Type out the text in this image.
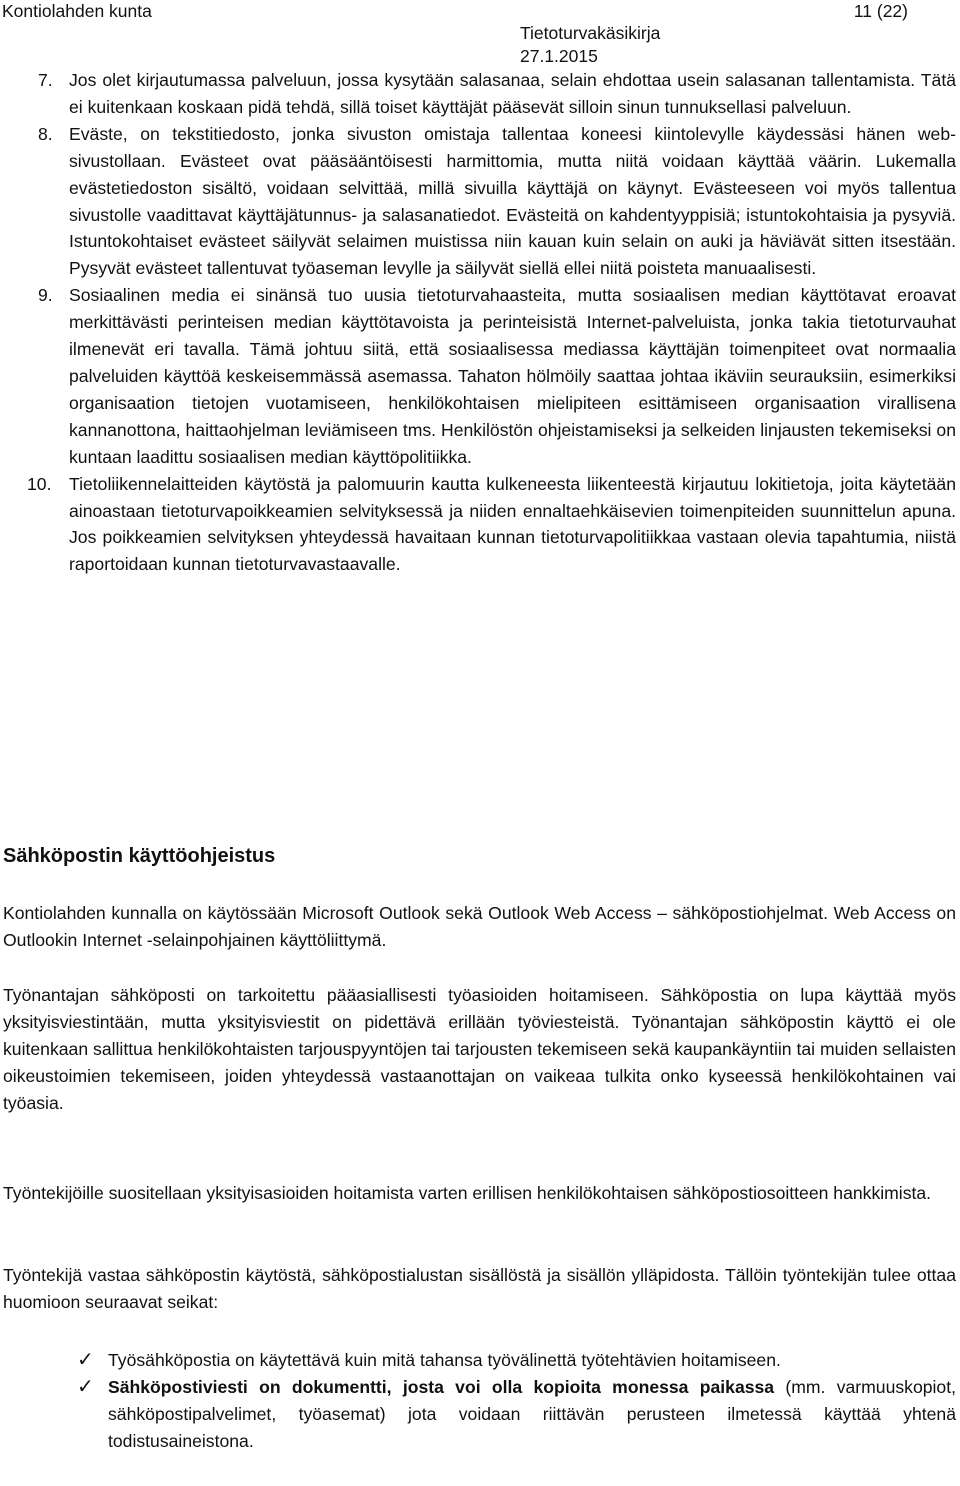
Kontiolahden kunta	11 (22)
Tietoturvakäsikirja
27.1.2015
7. Jos olet kirjautumassa palveluun, jossa kysytään salasanaa, selain ehdottaa usein salasanan tallentamista. Tätä ei kuitenkaan koskaan pidä tehdä, sillä toiset käyttäjät pääsevät silloin sinun tunnuksellasi palveluun.
8. Eväste, on tekstitiedosto, jonka sivuston omistaja tallentaa koneesi kiintolevylle käydessäsi hänen web-sivustollaan. Evästeet ovat pääsääntöisesti harmittomia, mutta niitä voidaan käyttää väärin. Lukemalla evästetiedoston sisältö, voidaan selvittää, millä sivuilla käyttäjä on käynyt. Evästeeseen voi myös tallentua sivustolle vaadittavat käyttäjätunnus- ja salasanatiedot. Evästeitä on kahdentyyppisiä; istuntokohtaisia ja pysyviä. Istuntokohtaiset evästeet säilyvät selaimen muistissa niin kauan kuin selain on auki ja häviävät sitten itsestään. Pysyvät evästeet tallentuvat työaseman levylle ja säilyvät siellä ellei niitä poisteta manuaalisesti.
9. Sosiaalinen media ei sinänsä tuo uusia tietoturvahaasteita, mutta sosiaalisen median käyttötavat eroavat merkittävästi perinteisen median käyttötavoista ja perinteisistä Internet-palveluista, jonka takia tietoturvauhat ilmenevät eri tavalla. Tämä johtuu siitä, että sosiaalisessa mediassa käyttäjän toimenpiteet ovat normaalia palveluiden käyttöä keskeisemmässä asemassa. Tahaton hölmöily saattaa johtaa ikäviin seurauksiin, esimerkiksi organisaation tietojen vuotamiseen, henkilökohtaisen mielipiteen esittämiseen organisaation virallisena kannanottona, haittaohjelman leviämiseen tms. Henkilöstön ohjeistamiseksi ja selkeiden linjausten tekemiseksi on kuntaan laadittu sosiaalisen median käyttöpolitiikka.
10. Tietoliikennelaitteiden käytöstä ja palomuurin kautta kulkeneesta liikenteestä kirjautuu lokitietoja, joita käytetään ainoastaan tietoturvapoikkeamien selvityksessä ja niiden ennaltaehkäisevien toimenpiteiden suunnittelun apuna. Jos poikkeamien selvityksen yhteydessä havaitaan kunnan tietoturvapolitiikkaa vastaan olevia tapahtumia, niistä raportoidaan kunnan tietoturvavastaavalle.
Sähköpostin käyttöohjeistus

Kontiolahden kunnalla on käytössään Microsoft Outlook sekä Outlook Web Access – sähköpostiohjelmat. Web Access on Outlookin Internet -selainpohjainen käyttöliittymä.

Työnantajan sähköposti on tarkoitettu pääasiallisesti työasioiden hoitamiseen. Sähköpostia on lupa käyttää myös yksityisviestintään, mutta yksityisviestit on pidettävä erillään työviesteistä. Työnantajan sähköpostin käyttö ei ole kuitenkaan sallittua henkilökohtaisten tarjouspyyntöjen tai tarjousten tekemiseen sekä kaupankäyntiin tai muiden sellaisten oikeustoimien tekemiseen, joiden yhteydessä vastaanottajan on vaikeaa tulkita onko kyseessä henkilökohtainen vai työasia.

Työntekijöille suositellaan yksityisasioiden hoitamista varten erillisen henkilökohtaisen sähköpostiosoitteen hankkimista.

Työntekijä vastaa sähköpostin käytöstä, sähköpostialustan sisällöstä ja sisällön ylläpidosta. Tällöin työntekijän tulee ottaa huomioon seuraavat seikat:

✓ Työsähköpostia on käytettävä kuin mitä tahansa työvälinettä työtehtävien hoitamiseen.
✓ Sähköpostiviesti on dokumentti, josta voi olla kopioita monessa paikassa (mm. varmuuskopiot, sähköpostipalvelimet, työasemat) jota voidaan riittävän perusteen ilmetessä käyttää yhtenä todistusaineistona.
